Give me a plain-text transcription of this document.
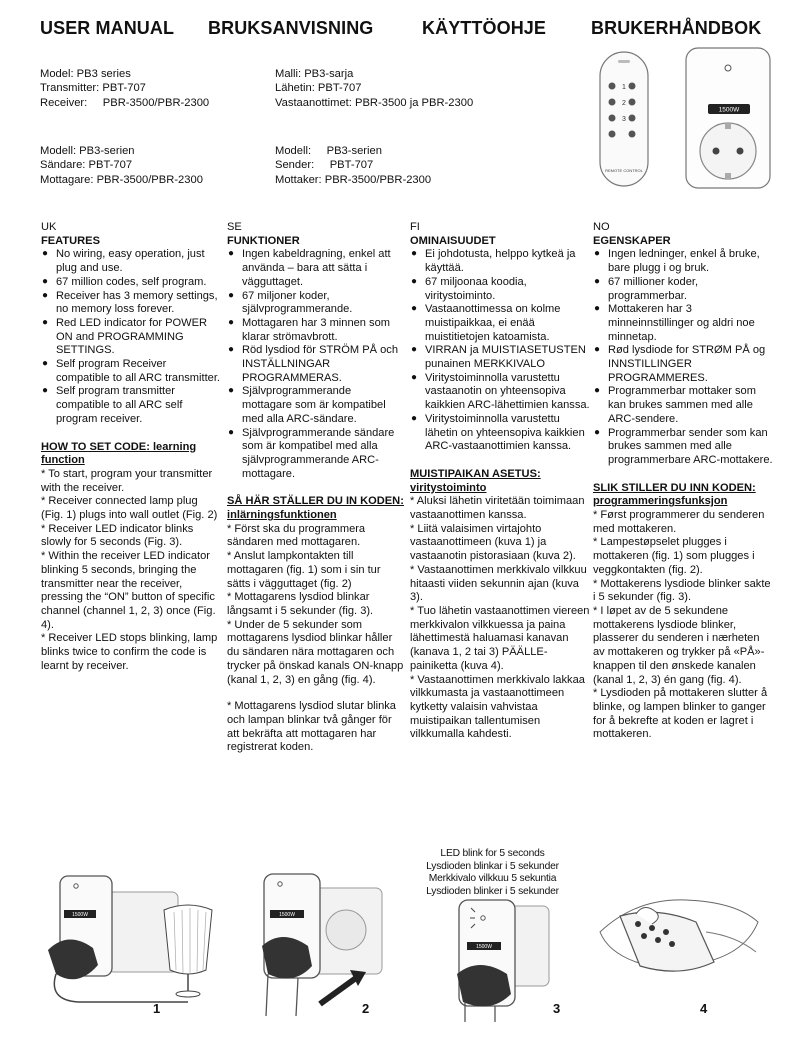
USER MANUAL BRUKSANVISNING	KÄYTTÖOHJE BRUKERHÅNDBOK
Model: PB3 series
Transmitter: PBT-707
Receiver:     PBR-3500/PBR-2300
Malli: PB3-sarja
Lähetin: PBT-707
Vastaanottimet: PBR-3500 ja PBR-2300
Modell: PB3-serien
Sändare: PBT-707
Mottagare: PBR-3500/PBR-2300
Modell:     PB3-serien
Sender:     PBT-707
Mottaker: PBR-3500/PBR-2300
1
2
3
REMOTE CONTROL
1500W
UK
FEATURES
● No wiring, easy operation, just plug and use.
● 67 million codes, self program.
● Receiver has 3 memory settings, no memory loss forever.
● Red LED indicator for POWER ON and PROGRAMMING SETTINGS.
● Self program Receiver compatible to all ARC transmitter.
● Self program transmitter compatible to all ARC self program receiver.
HOW TO SET CODE: learning function
* To start, program your transmitter with the receiver.
* Receiver connected lamp plug (Fig. 1) plugs into wall outlet (Fig. 2)
* Receiver LED indicator blinks slowly for 5 seconds (Fig. 3).
* Within the receiver LED indicator blinking 5 seconds, bringing the transmitter near the receiver, pressing the “ON” button of specific channel (channel 1, 2, 3) once (Fig. 4).
* Receiver LED stops blinking, lamp blinks twice to confirm the code is learnt by receiver.
SE
FUNKTIONER
● Ingen kabeldragning, enkel att använda – bara att sätta i vägguttaget.
● 67 miljoner koder, självprogrammerande.
● Mottagaren har 3 minnen som klarar strömavbrott.
● Röd lysdiod för STRÖM PÅ och INSTÄLLNINGAR PROGRAMMERAS.
● Självprogrammerande mottagare som är kompatibel med alla ARC-sändare.
● Självprogrammerande sändare som är kompatibel med alla självprogrammerande ARC-mottagare.
SÅ HÄR STÄLLER DU IN KODEN: inlärningsfunktionen
* Först ska du programmera sändaren med mottagaren.
* Anslut lampkontakten till mottagaren (fig. 1) som i sin tur sätts i vägguttaget (fig. 2)
* Mottagarens lysdiod blinkar långsamt i 5 sekunder (fig. 3).
* Under de 5 sekunder som mottagarens lysdiod blinkar håller du sändaren nära mottagaren och trycker på önskad kanals ON-knapp (kanal 1, 2, 3) en gång (fig. 4).
* Mottagarens lysdiod slutar blinka och lampan blinkar två gånger för att bekräfta att mottagaren har registrerat koden.
FI
OMINAISUUDET
● Ei johdotusta, helppo kytkeä ja käyttää.
● 67 miljoonaa koodia, viritystoiminto.
● Vastaanottimessa on kolme muistipaikkaa, ei enää muistitietojen katoamista.
● VIRRAN ja MUISTIASETUSTEN punainen MERKKIVALO
● Viritystoiminnolla varustettu vastaanotin on yhteensopiva kaikkien ARC-lähettimien kanssa.
● Viritystoiminnolla varustettu lähetin on yhteensopiva kaikkien ARC-vastaanottimien kanssa.
MUISTIPAIKAN ASETUS: viritystoiminto
* Aluksi lähetin viritetään toimimaan vastaanottimen kanssa.
* Liitä valaisimen virtajohto vastaanottimeen (kuva 1) ja vastaanotin pistorasiaan (kuva 2).
* Vastaanottimen merkkivalo vilkkuu hitaasti viiden sekunnin ajan (kuva 3).
* Tuo lähetin vastaanottimen viereen merkkivalon vilkkuessa ja paina lähettimestä haluamasi kanavan (kanava 1, 2 tai 3) PÄÄLLE-painiketta (kuva 4).
* Vastaanottimen merkkivalo lakkaa vilkkumasta ja vastaanottimeen kytketty valaisin vahvistaa muistipaikan tallentumisen vilkkumalla kahdesti.
NO
EGENSKAPER
● Ingen ledninger, enkel å bruke, bare plugg i og bruk.
● 67 millioner koder, programmerbar.
● Mottakeren har 3 minneinnstillinger og aldri noe minnetap.
● Rød lysdiode for STRØM PÅ og INNSTILLINGER PROGRAMMERES.
● Programmerbar mottaker som kan brukes sammen med alle ARC-sendere.
● Programmerbar sender som kan brukes sammen med alle programmerbare ARC-mottakere.
SLIK STILLER DU INN KODEN: programmeringsfunksjon
* Først programmerer du senderen med mottakeren.
* Lampestøpselet plugges i mottakeren (fig. 1) som plugges i veggkontakten (fig. 2).
* Mottakerens lysdiode blinker sakte i 5 sekunder (fig. 3).
* I løpet av de 5 sekundene mottakerens lysdiode blinker, plasserer du senderen i nærheten av mottakeren og trykker på «PÅ»-knappen til den ønskede kanalen (kanal 1, 2, 3) én gang (fig. 4).
* Lysdioden på mottakeren slutter å blinke, og lampen blinker to ganger for å bekrefte at koden er lagret i mottakeren.
LED blink for 5 seconds
Lysdioden blinkar i 5 sekunder
Merkkivalo vilkkuu 5 sekuntia
Lysdioden blinker i 5 sekunder
1500W
1
1500W
2
1500W
3	4
